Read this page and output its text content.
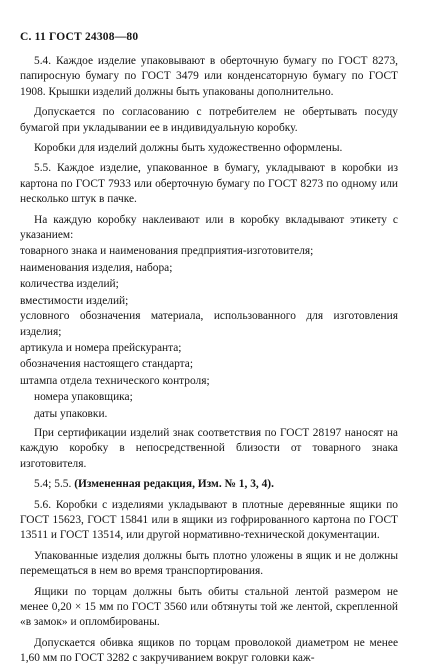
С. 11 ГОСТ 24308—80

5.4. Каждое изделие упаковывают в оберточную бумагу по ГОСТ 8273, папиросную бумагу по ГОСТ 3479 или конденсаторную бумагу по ГОСТ 1908. Крышки изделий должны быть упакованы дополнительно.

Допускается по согласованию с потребителем не обертывать посуду бумагой при укладывании ее в индивидуальную коробку.

Коробки для изделий должны быть художественно оформлены.

5.5. Каждое изделие, упакованное в бумагу, укладывают в коробки из картона по ГОСТ 7933 или оберточную бумагу по ГОСТ 8273 по одному или несколько штук в пачке.

На каждую коробку наклеивают или в коробку вкладывают этикету с указанием:

товарного знака и наименования предприятия-изготовителя;

наименования изделия, набора;

количества изделий;

вместимости изделий;

условного обозначения материала, использованного для изготовления изделия;

артикула и номера прейскуранта;

обозначения настоящего стандарта;

штампа отдела технического контроля;

номера упаковщика;

даты упаковки.

При сертификации изделий знак соответствия по ГОСТ 28197 наносят на каждую коробку в непосредственной близости от товарного знака изготовителя.

5.4; 5.5. (Измененная редакция, Изм. № 1, 3, 4).

5.6. Коробки с изделиями укладывают в плотные деревянные ящики по ГОСТ 15623, ГОСТ 15841 или в ящики из гофрированного картона по ГОСТ 13511 и ГОСТ 13514, или другой нормативно-технической документации.

Упакованные изделия должны быть плотно уложены в ящик и не должны перемещаться в нем во время транспортирования.

Ящики по торцам должны быть обиты стальной лентой размером не менее 0,20 × 15 мм по ГОСТ 3560 или обтянуты той же лентой, скрепленной «в замок» и опломбированы.

Допускается обивка ящиков по торцам проволокой диаметром не менее 1,60 мм по ГОСТ 3282 с закручиванием вокруг головки каж-
